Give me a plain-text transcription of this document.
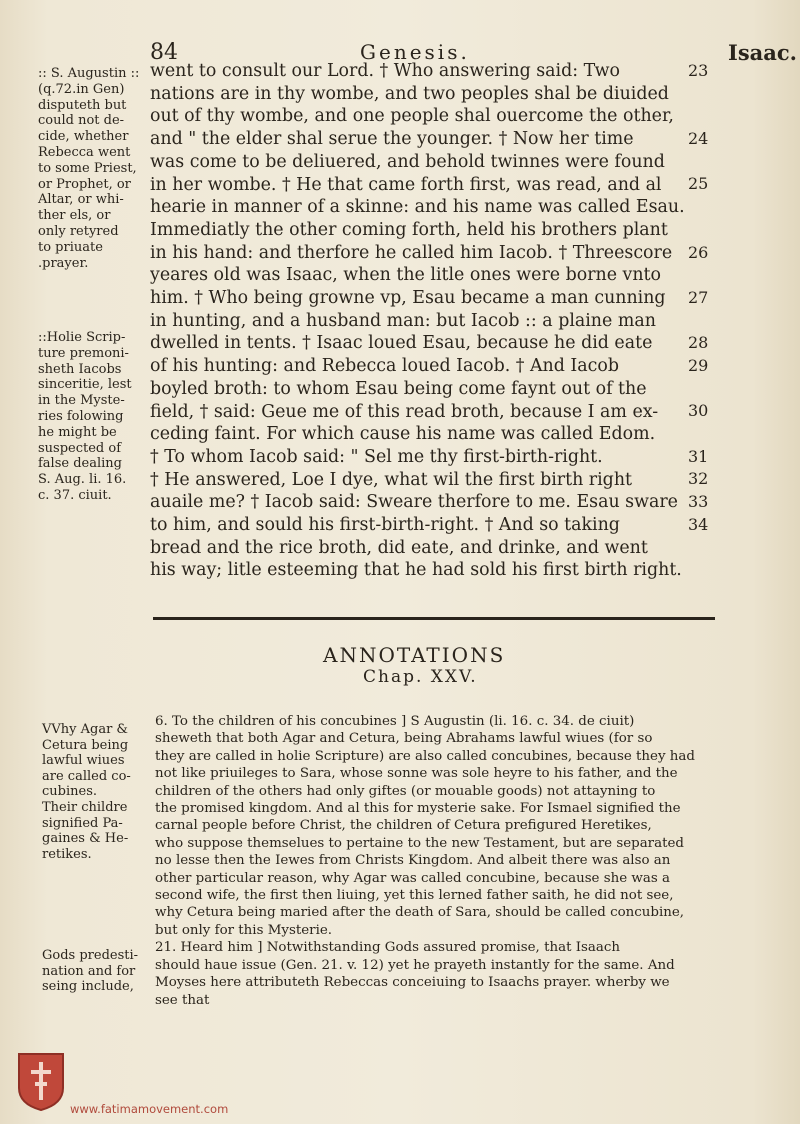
84	Genesis.	Isaac.
:: S. Augustin ::
(q.72.in Gen)
disputeth but
could not de-
cide, whether
Rebecca went
to some Priest,
or Prophet, or
Altar, or whi-
ther els, or
only retyred
to priuate
.prayer.
::Holie Scrip-
ture premoni-
sheth Iacobs
sinceritie, lest
in the Myste-
ries folowing
he might be
suspected of
false dealing
S. Aug. li. 16.
c. 37. ciuit.
went to consult our Lord. † Who answering said: Two
nations are in thy wombe, and two peoples shal be diuided
out of thy wombe, and one people shal ouercome the other,
and " the elder shal serue the younger. † Now her time
was come to be deliuered, and behold twinnes were found
in her wombe. † He that came forth first, was read, and al
hearie in manner of a skinne: and his name was called Esau.
Immediatly the other coming forth, held his brothers plant
in his hand: and therfore he called him Iacob. † Threescore
yeares old was Isaac, when the litle ones were borne vnto
him. † Who being growne vp, Esau became a man cunning
in hunting, and a husband man: but Iacob :: a plaine man
dwelled in tents. † Isaac loued Esau, because he did eate
of his hunting: and Rebecca loued Iacob. † And Iacob
boyled broth: to whom Esau being come faynt out of the
field, † said: Geue me of this read broth, because I am ex-
ceding faint. For which cause his name was called Edom.
† To whom Iacob said: " Sel me thy first-birth-right.
† He answered, Loe I dye, what wil the first birth right
auaile me? † Iacob said: Sweare therfore to me. Esau sware
to him, and sould his first-birth-right. † And so taking
bread and the rice broth, did eate, and drinke, and went
his way; litle esteeming that he had sold his first birth right.
23
24
25
26
27
28
29
30
31
32
33
34
ANNOTATIONS
Chap. XXV.
VVhy Agar &
Cetura being
lawful wiues
are called co-
cubines.
Their childre
signified Pa-
gaines & He-
retikes.
Gods predesti-
nation and for
seing include,
6. To the children of his concubines ] S Augustin (li. 16. c. 34. de ciuit)
sheweth that both Agar and Cetura, being Abrahams lawful wiues (for so
they are called in holie Scripture) are also called concubines, because they had
not like priuileges to Sara, whose sonne was sole heyre to his father, and the
children of the others had only giftes (or mouable goods) not attayning to
the promised kingdom. And al this for mysterie sake. For Ismael signified the
carnal people before Christ, the children of Cetura prefigured Heretikes,
who suppose themselues to pertaine to the new Testament, but are separated
no lesse then the Iewes from Christs Kingdom. And albeit there was also an
other particular reason, why Agar was called concubine, because she was a
second wife, the first then liuing, yet this lerned father saith, he did not see,
why Cetura being maried after the death of Sara, should be called concubine,
but only for this Mysterie.
21. Heard him ] Notwithstanding Gods assured promise, that Isaach
should haue issue (Gen. 21. v. 12) yet he prayeth instantly for the same. And
Moyses here attributeth Rebeccas conceiuing to Isaachs prayer. wherby we
see that
www.fatimamovement.com
